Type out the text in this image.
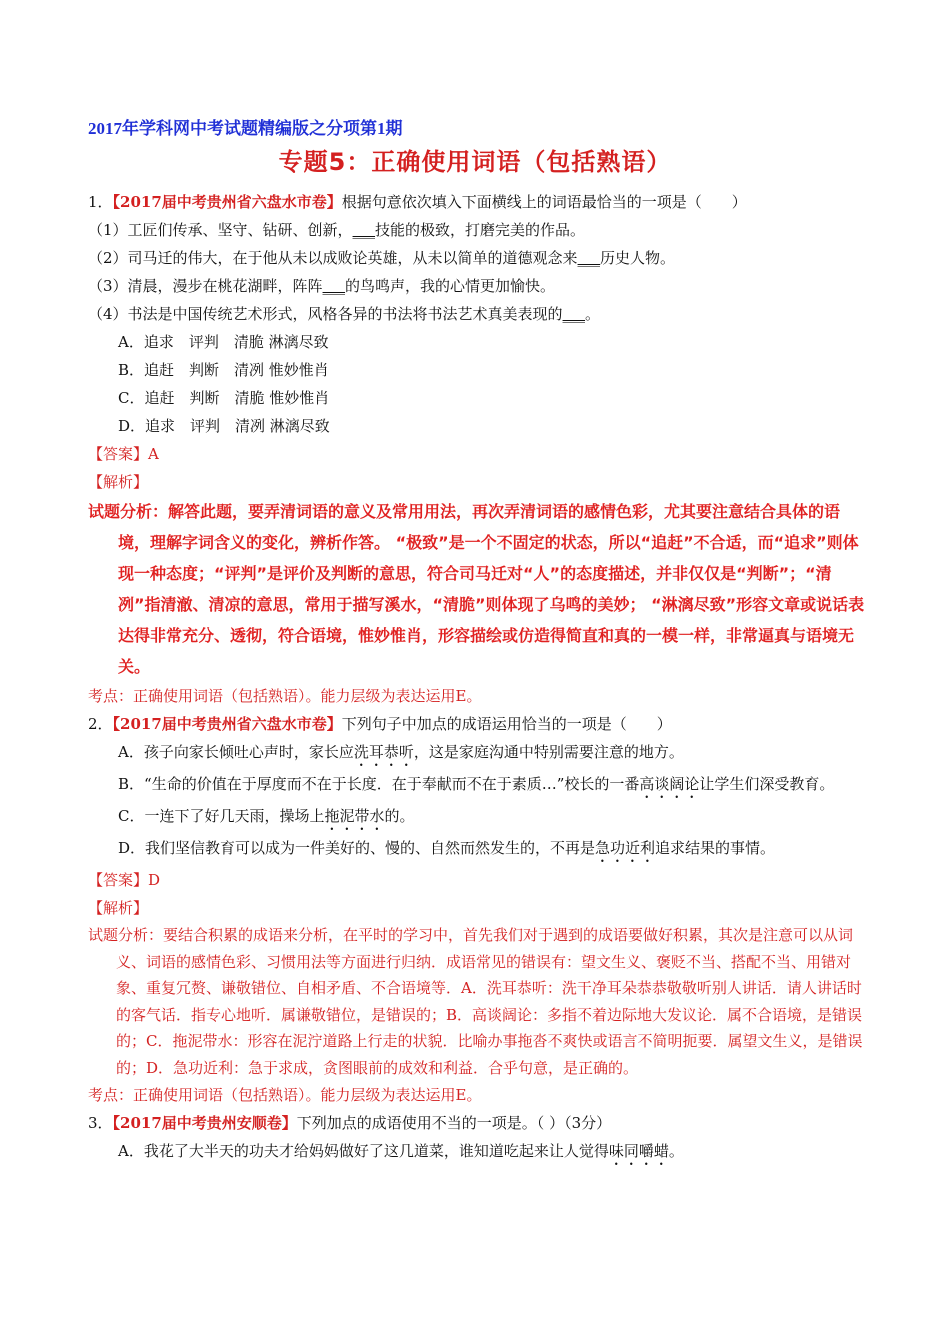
2017年学科网中考试题精编版之分项第1期
专题5：正确使用词语（包括熟语）
1．【2017届中考贵州省六盘水市卷】根据句意依次填入下面横线上的词语最恰当的一项是（　　）
（1）工匠们传承、坚守、钻研、创新，___技能的极致，打磨完美的作品。
（2）司马迁的伟大，在于他从未以成败论英雄，从未以简单的道德观念来___历史人物。
（3）清晨，漫步在桃花湖畔，阵阵___的鸟鸣声，我的心情更加愉快。
（4）书法是中国传统艺术形式，风格各异的书法将书法艺术真美表现的___。
A．追求　评判　清脆 淋漓尽致
B．追赶　判断　清冽 惟妙惟肖
C．追赶　判断　清脆 惟妙惟肖
D．追求　评判　清冽 淋漓尽致
【答案】A
【解析】
试题分析：解答此题，要弄清词语的意义及常用用法，再次弄清词语的感情色彩，尤其要注意结合具体的语境，理解字词含义的变化，辨析作答。 “极致”是一个不固定的状态，所以“追赶”不合适，而“追求”则体现一种态度；“评判”是评价及判断的意思，符合司马迁对“人”的态度描述，并非仅仅是“判断”；“清冽”指清澈、清凉的意思，常用于描写溪水，“清脆”则体现了乌鸣的美妙； “淋漓尽致”形容文章或说话表达得非常充分、透彻，符合语境，惟妙惟肖，形容描绘或仿造得简直和真的一模一样，非常逼真与语境无关。
考点：正确使用词语（包括熟语）。能力层级为表达运用E。
2．【2017届中考贵州省六盘水市卷】下列句子中加点的成语运用恰当的一项是（　　）
A．孩子向家长倾吐心声时，家长应洗耳恭听，这是家庭沟通中特别需要注意的地方。
B．“生命的价值在于厚度而不在于长度．在于奉献而不在于素质…”校长的一番高谈阔论让学生们深受教育。
C．一连下了好几天雨，操场上拖泥带水的。
D．我们坚信教育可以成为一件美好的、慢的、自然而然发生的，不再是急功近利追求结果的事情。
【答案】D
【解析】
试题分析：要结合积累的成语来分析，在平时的学习中，首先我们对于遇到的成语要做好积累，其次是注意可以从词义、词语的感情色彩、习惯用法等方面进行归纳．成语常见的错误有：望文生义、褒贬不当、搭配不当、用错对象、重复冗赘、谦敬错位、自相矛盾、不合语境等．A．洗耳恭听：洗干净耳朵恭恭敬敬听别人讲话．请人讲话时的客气话．指专心地听．属谦敬错位，是错误的；B．高谈阔论：多指不着边际地大发议论．属不合语境，是错误的；C．拖泥带水：形容在泥泞道路上行走的状貌．比喻办事拖沓不爽快或语言不简明扼要．属望文生义，是错误的；D．急功近利：急于求成，贪图眼前的成效和利益．合乎句意，是正确的。
考点：正确使用词语（包括熟语）。能力层级为表达运用E。
3．【2017届中考贵州安顺卷】下列加点的成语使用不当的一项是。（ ）（3分）
A．我花了大半天的功夫才给妈妈做好了这几道菜，谁知道吃起来让人觉得味同嚼蜡。
